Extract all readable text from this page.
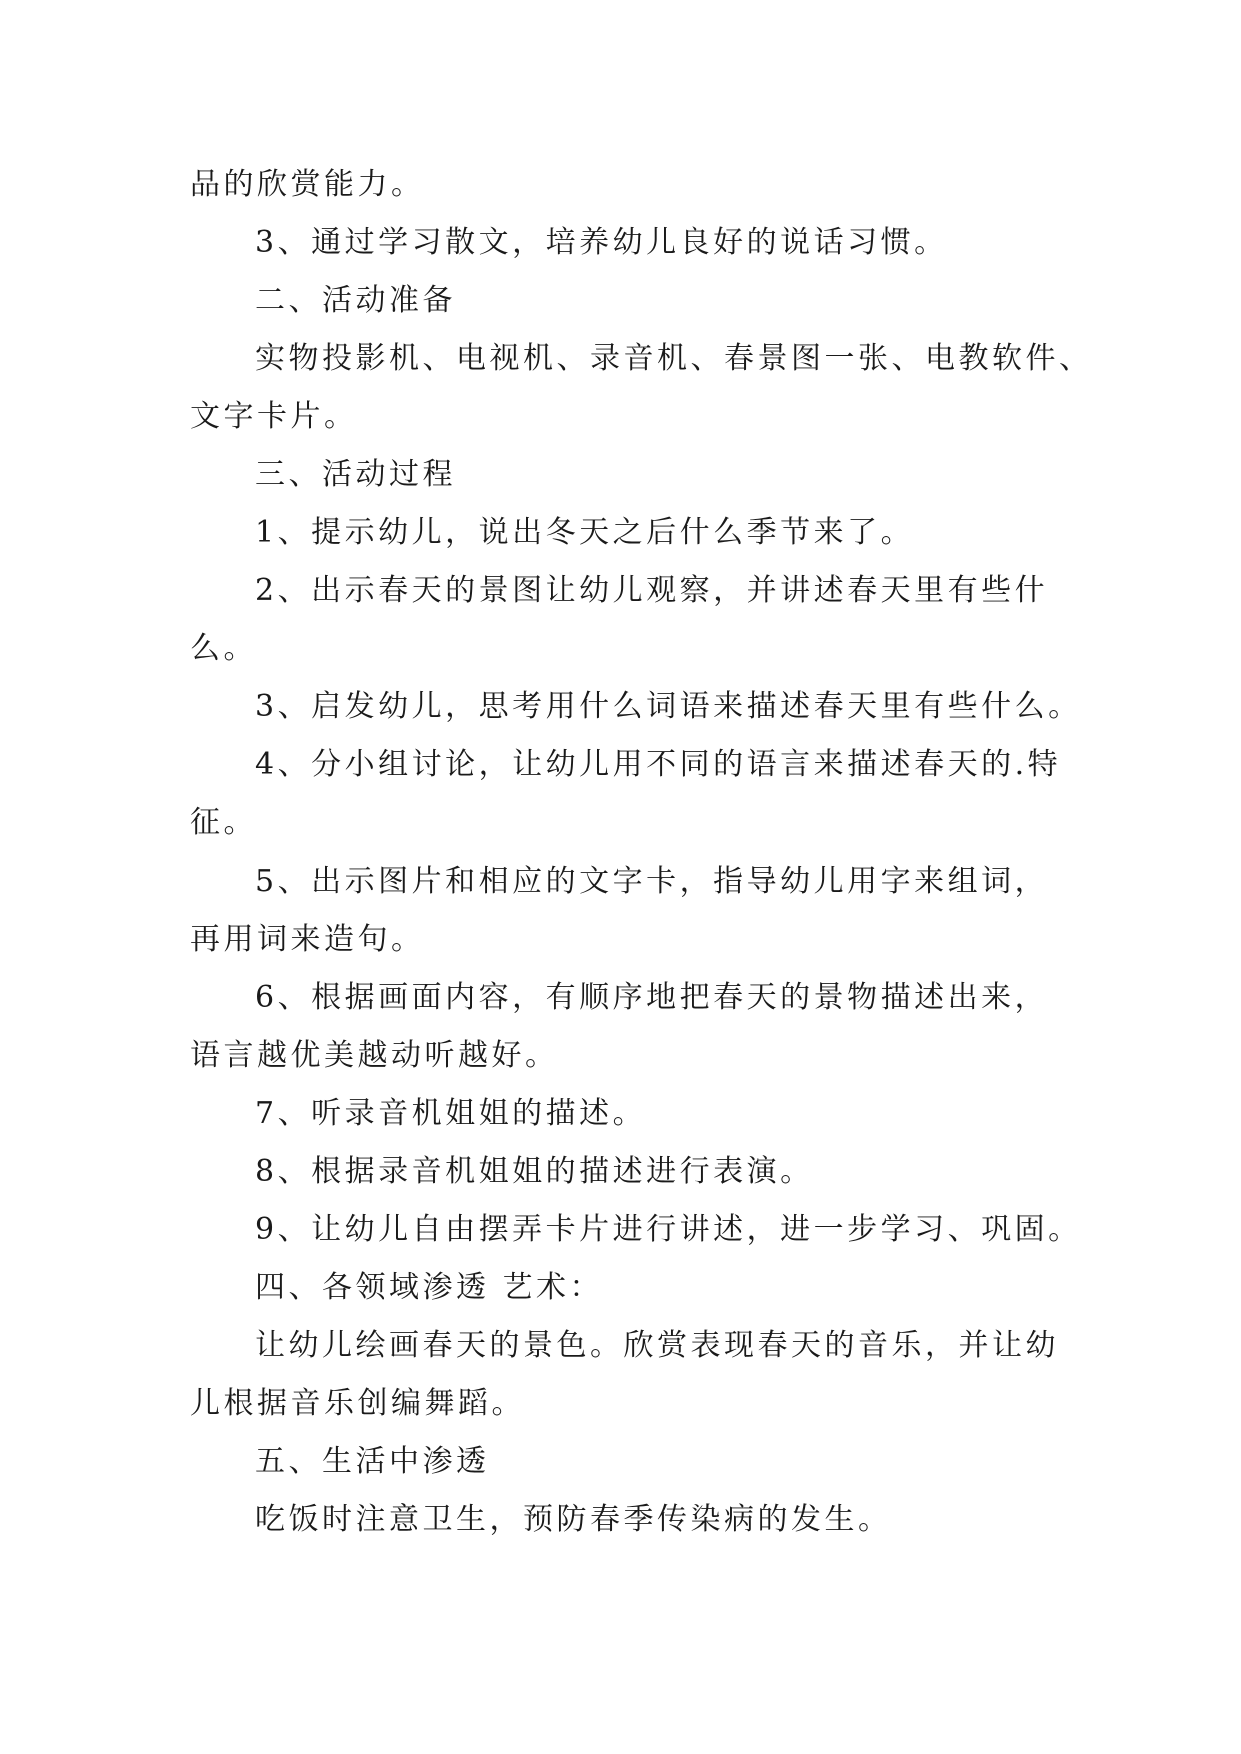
品的欣赏能力。
3、通过学习散文，培养幼儿良好的说话习惯。
二、活动准备
实物投影机、电视机、录音机、春景图一张、电教软件、
文字卡片。
三、活动过程
1、提示幼儿，说出冬天之后什么季节来了。
2、出示春天的景图让幼儿观察，并讲述春天里有些什
么。
3、启发幼儿，思考用什么词语来描述春天里有些什么。
4、分小组讨论，让幼儿用不同的语言来描述春天的.特
征。
5、出示图片和相应的文字卡，指导幼儿用字来组词，
再用词来造句。
6、根据画面内容，有顺序地把春天的景物描述出来，
语言越优美越动听越好。
7、听录音机姐姐的描述。
8、根据录音机姐姐的描述进行表演。
9、让幼儿自由摆弄卡片进行讲述，进一步学习、巩固。
四、各领域渗透 艺术：
让幼儿绘画春天的景色。欣赏表现春天的音乐，并让幼
儿根据音乐创编舞蹈。
五、生活中渗透
吃饭时注意卫生，预防春季传染病的发生。
